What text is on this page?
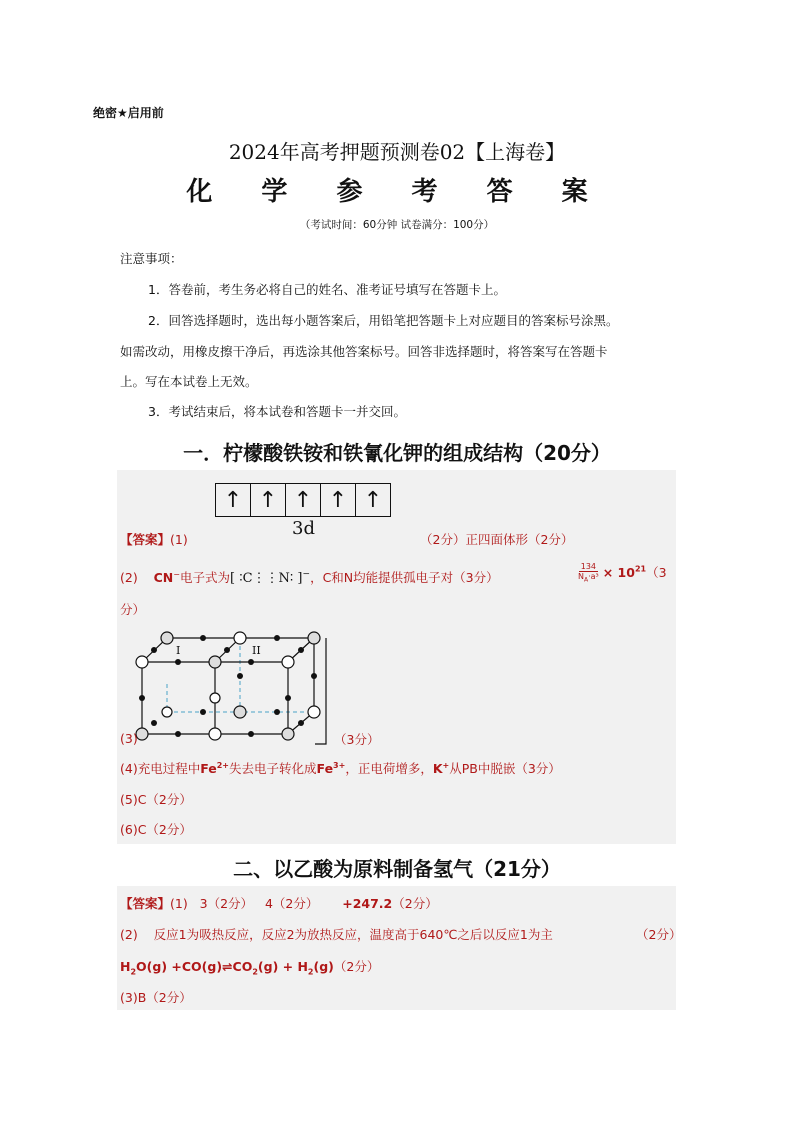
绝密★启用前
2024年高考押题预测卷02【上海卷】
化 学 参 考 答 案
（考试时间：60分钟 试卷满分：100分）
注意事项：
1．答卷前，考生务必将自己的姓名、准考证号填写在答题卡上。
2．回答选择题时，选出每小题答案后，用铅笔把答题卡上对应题目的答案标号涂黑。
如需改动，用橡皮擦干净后，再选涂其他答案标号。回答非选择题时，将答案写在答题卡
上。写在本试卷上无效。
3．考试结束后，将本试卷和答题卡一并交回。
一．柠檬酸铁铵和铁氰化钾的组成结构（20分）
↑ ↑ ↑ ↑ ↑
3d
【答案】(1)	（2分）正四面体形（2分）
(2) CN−电子式为[ ∶C⋮⋮N∶ ]−，C和N均能提供孤电子对（3分）	$\frac{134}{N_A\cdot a^3} \times 10^{21}(3$
分）
I	II
(3)	（3分）
(4)充电过程中$Fe^{2+}$失去电子转化成$Fe^{3+}$，正电荷增多，K+从PB中脱嵌（3分）
(5)C（2分）
(6)C（2分）
二、以乙酸为原料制备氢气（21分）
【答案】(1) 3（2分） 4（2分） +247.2（2分）
(2) 反应1为吸热反应，反应2为放热反应，温度高于640℃之后以反应1为主	（2分）
$H_2O(g)$ $+CO(g)\rightleftharpoons CO_2(g) + H_2(g)(2$分）
(3)B（2分）
